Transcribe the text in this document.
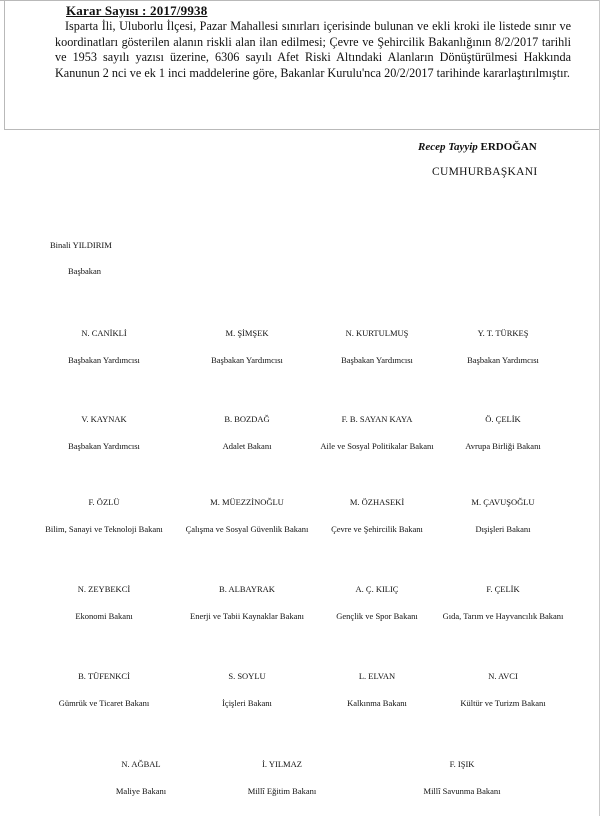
Karar Sayısı : 2017/9938
Isparta İli, Uluborlu İlçesi, Pazar Mahallesi sınırları içerisinde bulunan ve ekli kroki ile listede sınır ve koordinatları gösterilen alanın riskli alan ilan edilmesi; Çevre ve Şehircilik Bakanlığının 8/2/2017 tarihli ve 1953 sayılı yazısı üzerine, 6306 sayılı Afet Riski Altındaki Alanların Dönüştürülmesi Hakkında Kanunun 2 nci ve ek 1 inci maddelerine göre, Bakanlar Kurulu'nca 20/2/2017 tarihinde kararlaştırılmıştır.
Recep Tayyip ERDOĞAN
CUMHURBAŞKANI
Binali YILDIRIM
Başbakan
N. CANİKLİ
Başbakan Yardımcısı
M. ŞİMŞEK
Başbakan Yardımcısı
N. KURTULMUŞ
Başbakan Yardımcısı
Y. T. TÜRKEŞ
Başbakan Yardımcısı
V. KAYNAK
Başbakan Yardımcısı
B. BOZDAĞ
Adalet Bakanı
F. B. SAYAN KAYA
Aile ve Sosyal Politikalar Bakanı
Ö. ÇELİK
Avrupa Birliği Bakanı
F. ÖZLÜ
Bilim, Sanayi ve Teknoloji Bakanı
M. MÜEZZİNOĞLU
Çalışma ve Sosyal Güvenlik Bakanı
M. ÖZHASEKİ
Çevre ve Şehircilik Bakanı
M. ÇAVUŞOĞLU
Dışişleri Bakanı
N. ZEYBEKCİ
Ekonomi Bakanı
B. ALBAYRAK
Enerji ve Tabii Kaynaklar Bakanı
A. Ç. KILIÇ
Gençlik ve Spor Bakanı
F. ÇELİK
Gıda, Tarım ve Hayvancılık Bakanı
B. TÜFENKCİ
Gümrük ve Ticaret Bakanı
S. SOYLU
İçişleri Bakanı
L. ELVAN
Kalkınma Bakanı
N. AVCI
Kültür ve Turizm Bakanı
N. AĞBAL
Maliye Bakanı
İ. YILMAZ
Millî Eğitim Bakanı
F. IŞIK
Millî Savunma Bakanı
